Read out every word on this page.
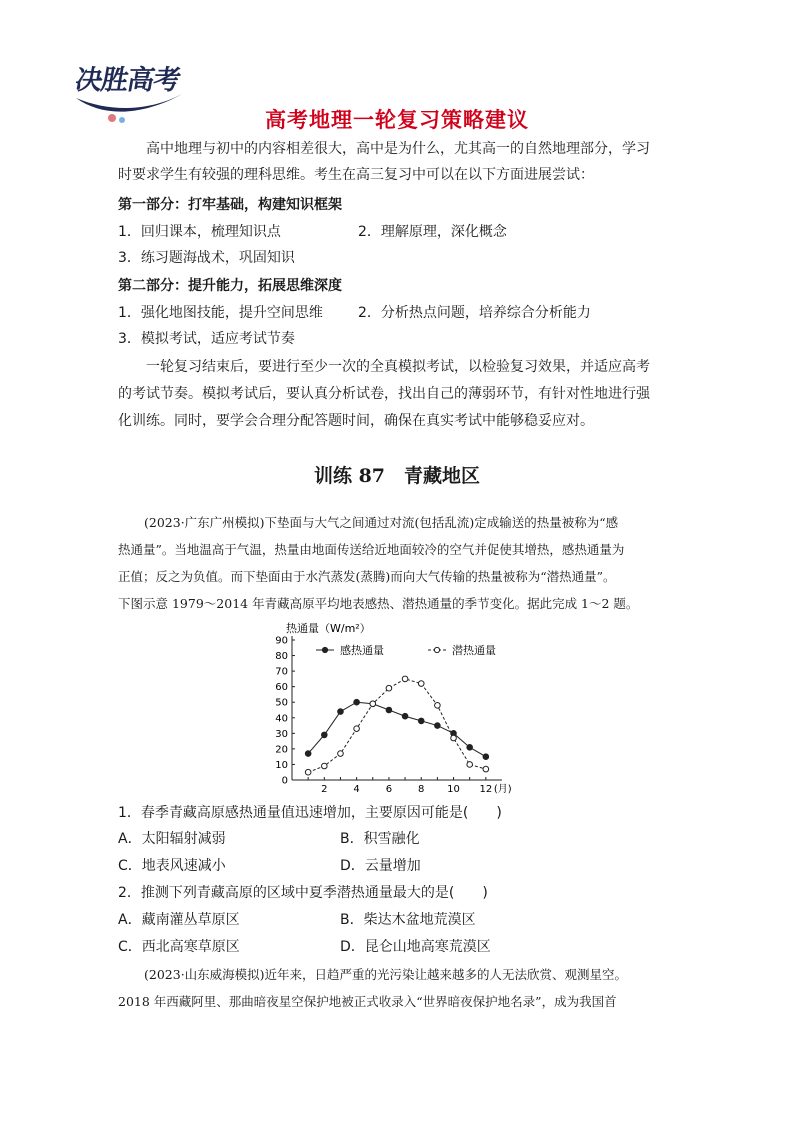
决胜高考
高考地理一轮复习策略建议
高中地理与初中的内容相差很大，高中是为什么，尤其高一的自然地理部分，学习
时要求学生有较强的理科思维。考生在高三复习中可以在以下方面进展尝试：
第一部分：打牢基础，构建知识框架
1．回归课本，梳理知识点	2．理解原理，深化概念
3．练习题海战术，巩固知识
第二部分：提升能力，拓展思维深度
1．强化地图技能，提升空间思维	2．分析热点问题，培养综合分析能力
3．模拟考试，适应考试节奏
一轮复习结束后，要进行至少一次的全真模拟考试，以检验复习效果，并适应高考
的考试节奏。模拟考试后，要认真分析试卷，找出自己的薄弱环节，有针对性地进行强
化训练。同时，要学会合理分配答题时间，确保在真实考试中能够稳妥应对。
训练 87　青藏地区
(2023·广东广州模拟)下垫面与大气之间通过对流(包括乱流)定成输送的热量被称为“感
热通量”。当地温高于气温，热量由地面传送给近地面较冷的空气并促使其增热，感热通量为
正值；反之为负值。而下垫面由于水汽蒸发(蒸腾)而向大气传输的热量被称为“潜热通量”。
下图示意 1979～2014 年青藏高原平均地表感热、潜热通量的季节变化。据此完成 1～2 题。
热通量（W/m²）
0
10
20
30
40
50
60
70
80
90
2	4	6	8 10 12 (月)
感热通量	潜热通量
1．春季青藏高原感热通量值迅速增加，主要原因可能是(　　)
A．太阳辐射减弱	B．积雪融化
C．地表风速减小	D．云量增加
2．推测下列青藏高原的区域中夏季潜热通量最大的是(　　)
A．藏南灌丛草原区	B．柴达木盆地荒漠区
C．西北高寒草原区	D．昆仑山地高寒荒漠区
(2023·山东威海模拟)近年来，日趋严重的光污染让越来越多的人无法欣赏、观测星空。
2018 年西藏阿里、那曲暗夜星空保护地被正式收录入“世界暗夜保护地名录”，成为我国首
